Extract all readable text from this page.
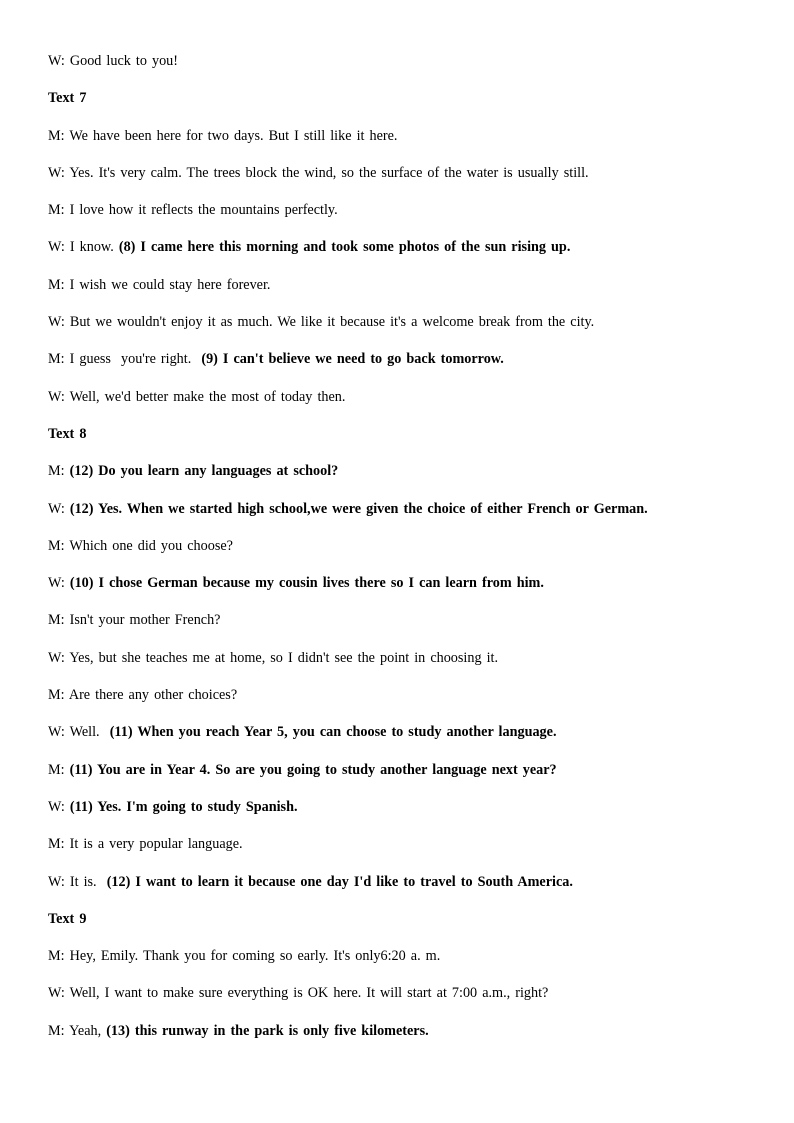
W: Good luck to you!
Text 7
M: We have been here for two days. But I still like it here.
W: Yes. It's very calm. The trees block the wind, so the surface of the water is usually still.
M: I love how it reflects the mountains perfectly.
W: I know. (8) I came here this morning and took some photos of the sun rising up.
M: I wish we could stay here forever.
W: But we wouldn't enjoy it as much. We like it because it's a welcome break from the city.
M: I guess  you're right.  (9) I can't believe we need to go back tomorrow.
W: Well, we'd better make the most of today then.
Text 8
M: (12) Do you learn any languages at school?
W: (12) Yes. When we started high school,we were given the choice of either French or German.
M: Which one did you choose?
W: (10) I chose German because my cousin lives there so I can learn from him.
M: Isn't your mother French?
W: Yes, but she teaches me at home, so I didn't see the point in choosing it.
M: Are there any other choices?
W: Well.  (11) When you reach Year 5, you can choose to study another language.
M: (11) You are in Year 4. So are you going to study another language next year?
W: (11) Yes. I'm going to study Spanish.
M: It is a very popular language.
W: It is.  (12) I want to learn it because one day I'd like to travel to South America.
Text 9
M: Hey, Emily. Thank you for coming so early. It's only6:20 a. m.
W: Well, I want to make sure everything is OK here. It will start at 7:00 a.m., right?
M: Yeah, (13) this runway in the park is only five kilometers.
